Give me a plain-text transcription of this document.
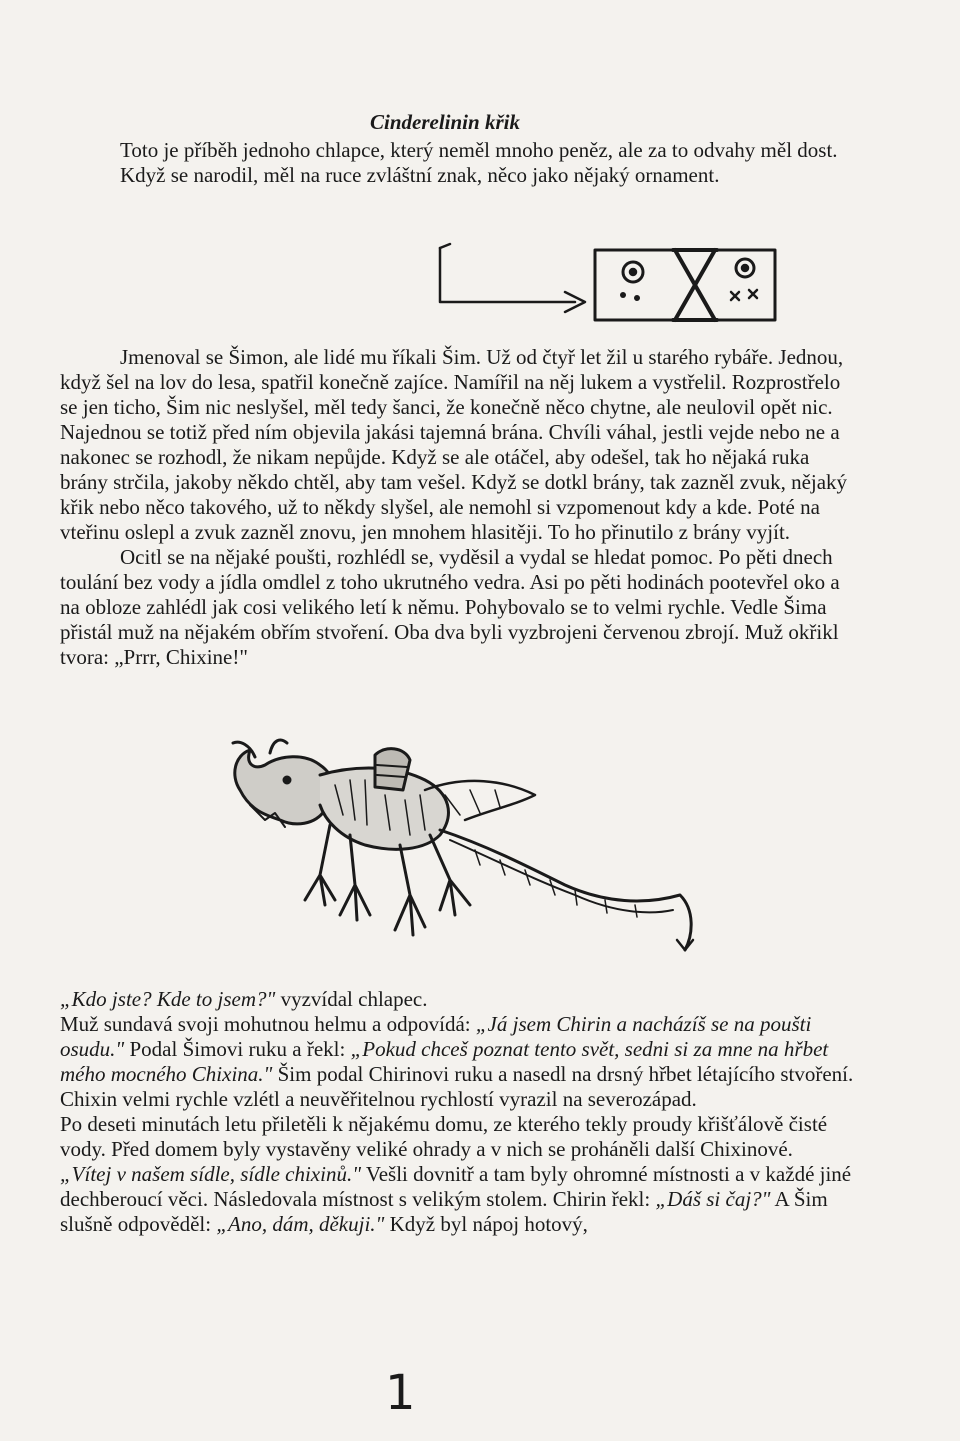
Cinderelinin křik

Toto je příběh jednoho chlapce, který neměl mnoho peněz, ale za to odvahy měl dost.

Když se narodil, měl na ruce zvláštní znak, něco jako nějaký ornament.

Jmenoval se Šimon, ale lidé mu říkali Šim. Už od čtyř let žil u starého rybáře. Jednou, když šel na lov do lesa, spatřil konečně zajíce. Namířil na něj lukem a vystřelil. Rozprostřelo se jen ticho, Šim nic neslyšel, měl tedy šanci, že konečně něco chytne, ale neulovil opět nic. Najednou se totiž před ním objevila jakási tajemná brána. Chvíli váhal, jestli vejde nebo ne a nakonec se rozhodl, že nikam nepůjde. Když se ale otáčel, aby odešel, tak ho nějaká ruka brány strčila, jakoby někdo chtěl, aby tam vešel. Když se dotkl brány, tak zazněl zvuk, nějaký křik nebo něco takového, už to někdy slyšel, ale nemohl si vzpomenout kdy a kde. Poté na vteřinu oslepl a zvuk zazněl znovu, jen mnohem hlasitěji. To ho přinutilo z brány vyjít.

Ocitl se na nějaké poušti, rozhlédl se, vyděsil a vydal se hledat pomoc. Po pěti dnech toulání bez vody a jídla omdlel z toho ukrutného vedra. Asi po pěti hodinách pootevřel oko a na obloze zahlédl jak cosi velikého letí k němu. Pohybovalo se to velmi rychle. Vedle Šima přistál muž na nějakém obřím stvoření. Oba dva byli vyzbrojeni červenou zbrojí. Muž okřikl tvora: „Prrr, Chixine!"

„Kdo jste? Kde to jsem?" vyzvídal chlapec.

Muž sundavá svoji mohutnou helmu a odpovídá: „Já jsem Chirin a nacházíš se na poušti osudu." Podal Šimovi ruku a řekl: „Pokud chceš poznat tento svět, sedni si za mne na hřbet mého mocného Chixina." Šim podal Chirinovi ruku a nasedl na drsný hřbet létajícího stvoření. Chixin velmi rychle vzlétl a neuvěřitelnou rychlostí vyrazil na severozápad.

Po deseti minutách letu přiletěli k nějakému domu, ze kterého tekly proudy křišťálově čisté vody. Před domem byly vystavěny veliké ohrady a v nich se proháněli další Chixinové.

„Vítej v našem sídle, sídle chixinů." Vešli dovnitř a tam byly ohromné místnosti a v každé jiné dechberoucí věci. Následovala místnost s velikým stolem. Chirin řekl: „Dáš si čaj?" A Šim slušně odpověděl: „Ano, dám, děkuji." Když byl nápoj hotový,

1
